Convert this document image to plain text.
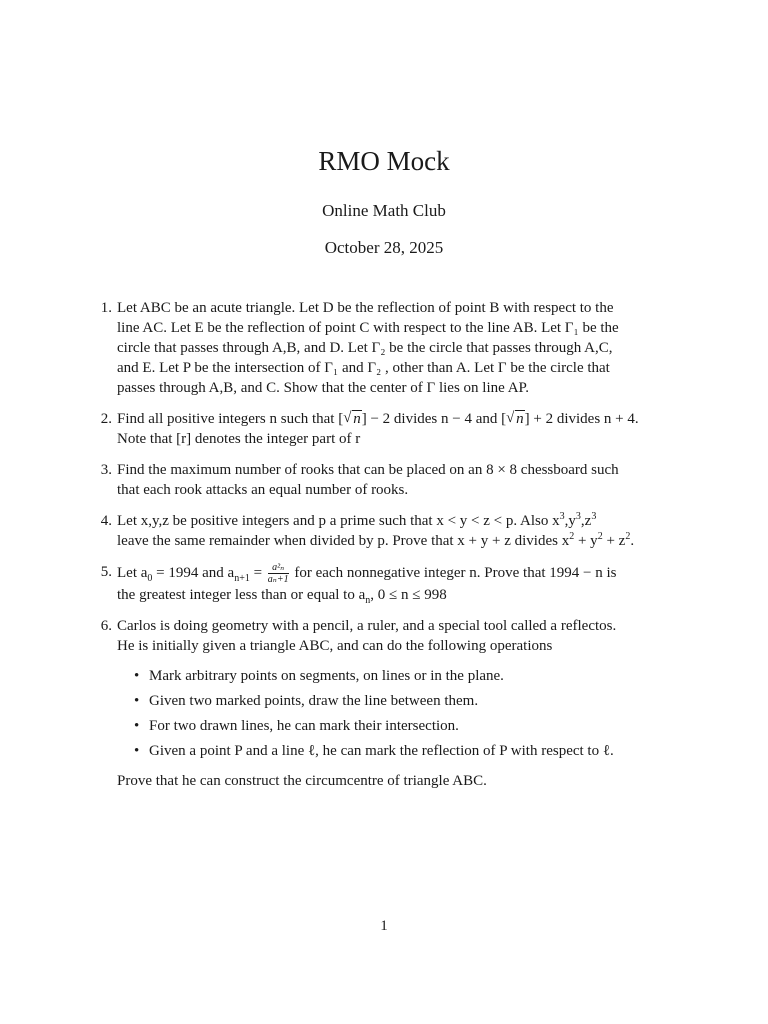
RMO Mock
Online Math Club
October 28, 2025
1. Let ABC be an acute triangle. Let D be the reflection of point B with respect to the
line AC. Let E be the reflection of point C with respect to the line AB. Let Γ₁ be the
circle that passes through A,B, and D. Let Γ₂ be the circle that passes through A,C,
and E. Let P be the intersection of Γ₁ and Γ₂ , other than A. Let Γ be the circle that
passes through A,B, and C. Show that the center of Γ lies on line AP.
2. Find all positive integers n such that [ √ n] − 2 divides n − 4 and [ √ n] + 2 divides n + 4.
Note that [r] denotes the integer part of r
3. Find the maximum number of rooks that can be placed on an 8 × 8 chessboard such
that each rook attacks an equal number of rooks.
4. Let x,y,z be positive integers and p a prime such that x < y < z < p. Also $x^3,y^3,z^3$
leave the same remainder when divided by p. Prove that x + y + z divides $x^2 + y^2 + z^2$.
5. Let $a_0 = 1994$ and $a_{n+1} = \frac{\text{a²ₙ}}{\text{aₙ+1}}$ for each nonnegative integer n. Prove that 1994 − n is
the greatest integer less than or equal to $a_n$, 0 ≤ n ≤ 998
6. Carlos is doing geometry with a pencil, a ruler, and a special tool called a reflectos.
He is initially given a triangle ABC, and can do the following operations
• Mark arbitrary points on segments, on lines or in the plane.
• Given two marked points, draw the line between them.
• For two drawn lines, he can mark their intersection.
• Given a point P and a line ℓ, he can mark the reflection of P with respect to ℓ.
Prove that he can construct the circumcentre of triangle ABC.
1
